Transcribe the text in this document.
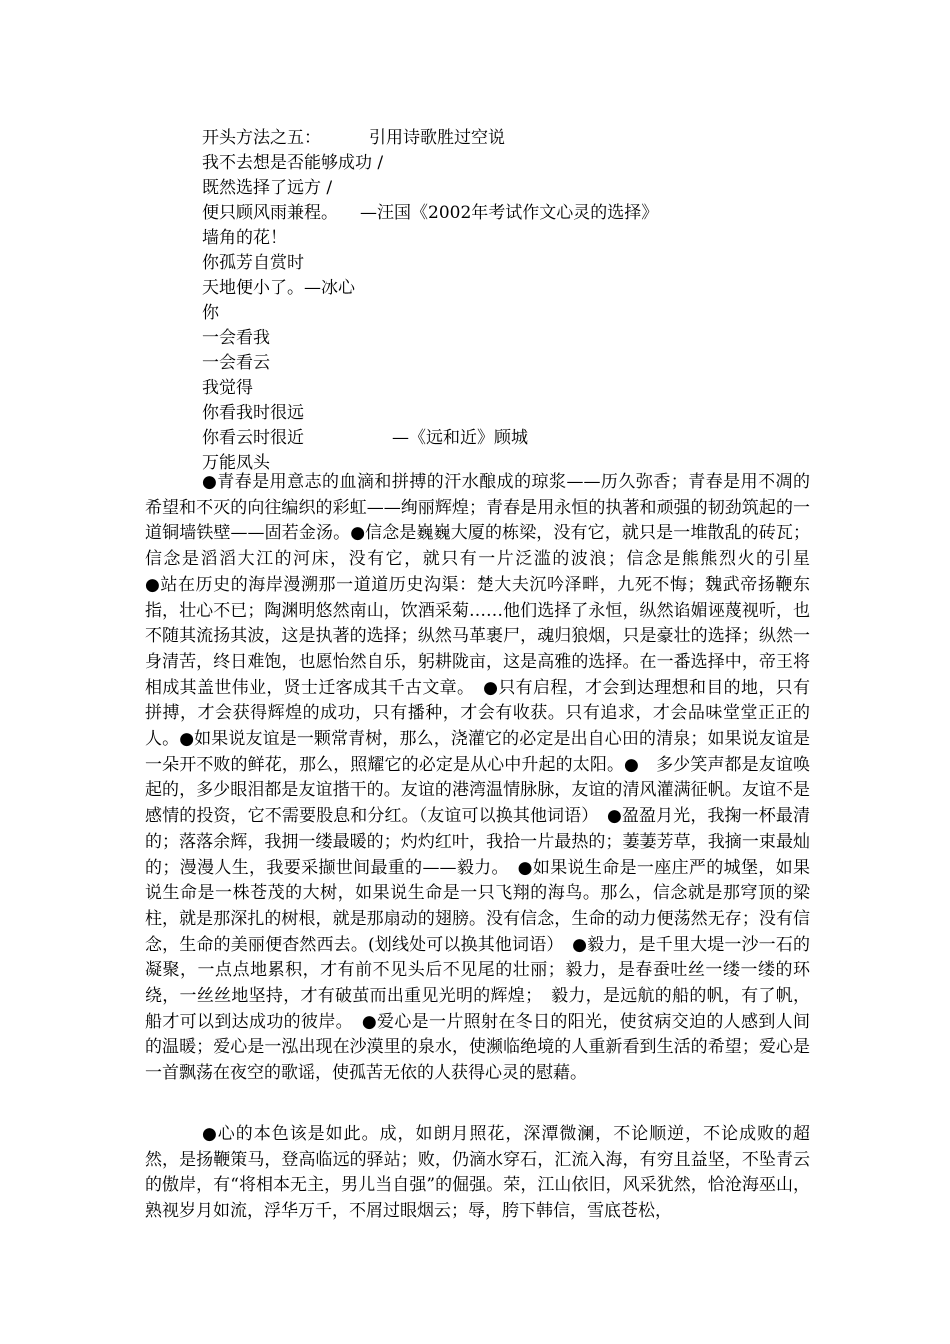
开头方法之五：	引用诗歌胜过空说
我不去想是否能够成功 /
既然选择了远方 /
便只顾风雨兼程。 —汪国《2002年考试作文心灵的选择》
墙角的花！
你孤芳自赏时
天地便小了。—冰心
你
一会看我
一会看云
我觉得
你看我时很远
你看云时很近	—《远和近》顾城
万能凤头

●青春是用意志的血滴和拼搏的汗水酿成的琼浆——历久弥香；青春是用不凋的希望和不灭的向往编织的彩虹——绚丽辉煌；青春是用永恒的执著和顽强的韧劲筑起的一道铜墙铁壁——固若金汤。●信念是巍巍大厦的栋梁，没有它，就只是一堆散乱的砖瓦；信念是滔滔大江的河床，没有它，就只有一片泛滥的波浪；信念是熊熊烈火的引星　　　●站在历史的海岸漫溯那一道道历史沟渠：楚大夫沉吟泽畔，九死不悔；魏武帝扬鞭东指，壮心不已；陶渊明悠然南山，饮酒采菊……他们选择了永恒，纵然谄媚诬蔑视听，也不随其流扬其波，这是执著的选择；纵然马革裹尸，魂归狼烟，只是豪壮的选择；纵然一身清苦，终日难饱，也愿怡然自乐，躬耕陇亩，这是高雅的选择。在一番选择中，帝王将相成其盖世伟业，贤士迁客成其千古文章。　●只有启程，才会到达理想和目的地，只有拼搏，才会获得辉煌的成功，只有播种，才会有收获。只有追求，才会品味堂堂正正的人。●如果说友谊是一颗常青树，那么，浇灌它的必定是出自心田的清泉；如果说友谊是一朵开不败的鲜花，那么，照耀它的必定是从心中升起的太阳。●　多少笑声都是友谊唤起的，多少眼泪都是友谊揩干的。友谊的港湾温情脉脉，友谊的清风灌满征帆。友谊不是感情的投资，它不需要股息和分红。（友谊可以换其他词语）　●盈盈月光，我掬一杯最清的；落落余辉，我拥一缕最暖的；灼灼红叶，我拾一片最热的；萋萋芳草，我摘一束最灿的；漫漫人生，我要采撷世间最重的——毅力。　●如果说生命是一座庄严的城堡，如果说生命是一株苍茂的大树，如果说生命是一只飞翔的海鸟。那么，信念就是那穹顶的梁柱，就是那深扎的树根，就是那扇动的翅膀。没有信念，生命的动力便荡然无存；没有信念，生命的美丽便杳然西去。(划线处可以换其他词语）　●毅力，是千里大堤一沙一石的凝聚，一点点地累积，才有前不见头后不见尾的壮丽；毅力，是春蚕吐丝一缕一缕的环绕，一丝丝地坚持，才有破茧而出重见光明的辉煌；　毅力，是远航的船的帆，有了帆，船才可以到达成功的彼岸。　●爱心是一片照射在冬日的阳光，使贫病交迫的人感到人间的温暖；爱心是一泓出现在沙漠里的泉水，使濒临绝境的人重新看到生活的希望；爱心是一首飘荡在夜空的歌谣，使孤苦无依的人获得心灵的慰藉。

●心的本色该是如此。成，如朗月照花，深潭微澜，不论顺逆，不论成败的超然，是扬鞭策马，登高临远的驿站；败，仍滴水穿石，汇流入海，有穷且益坚，不坠青云的傲岸，有“将相本无主，男儿当自强”的倔强。荣，江山依旧，风采犹然，恰沧海巫山，熟视岁月如流，浮华万千，不屑过眼烟云；辱，胯下韩信，雪底苍松，
